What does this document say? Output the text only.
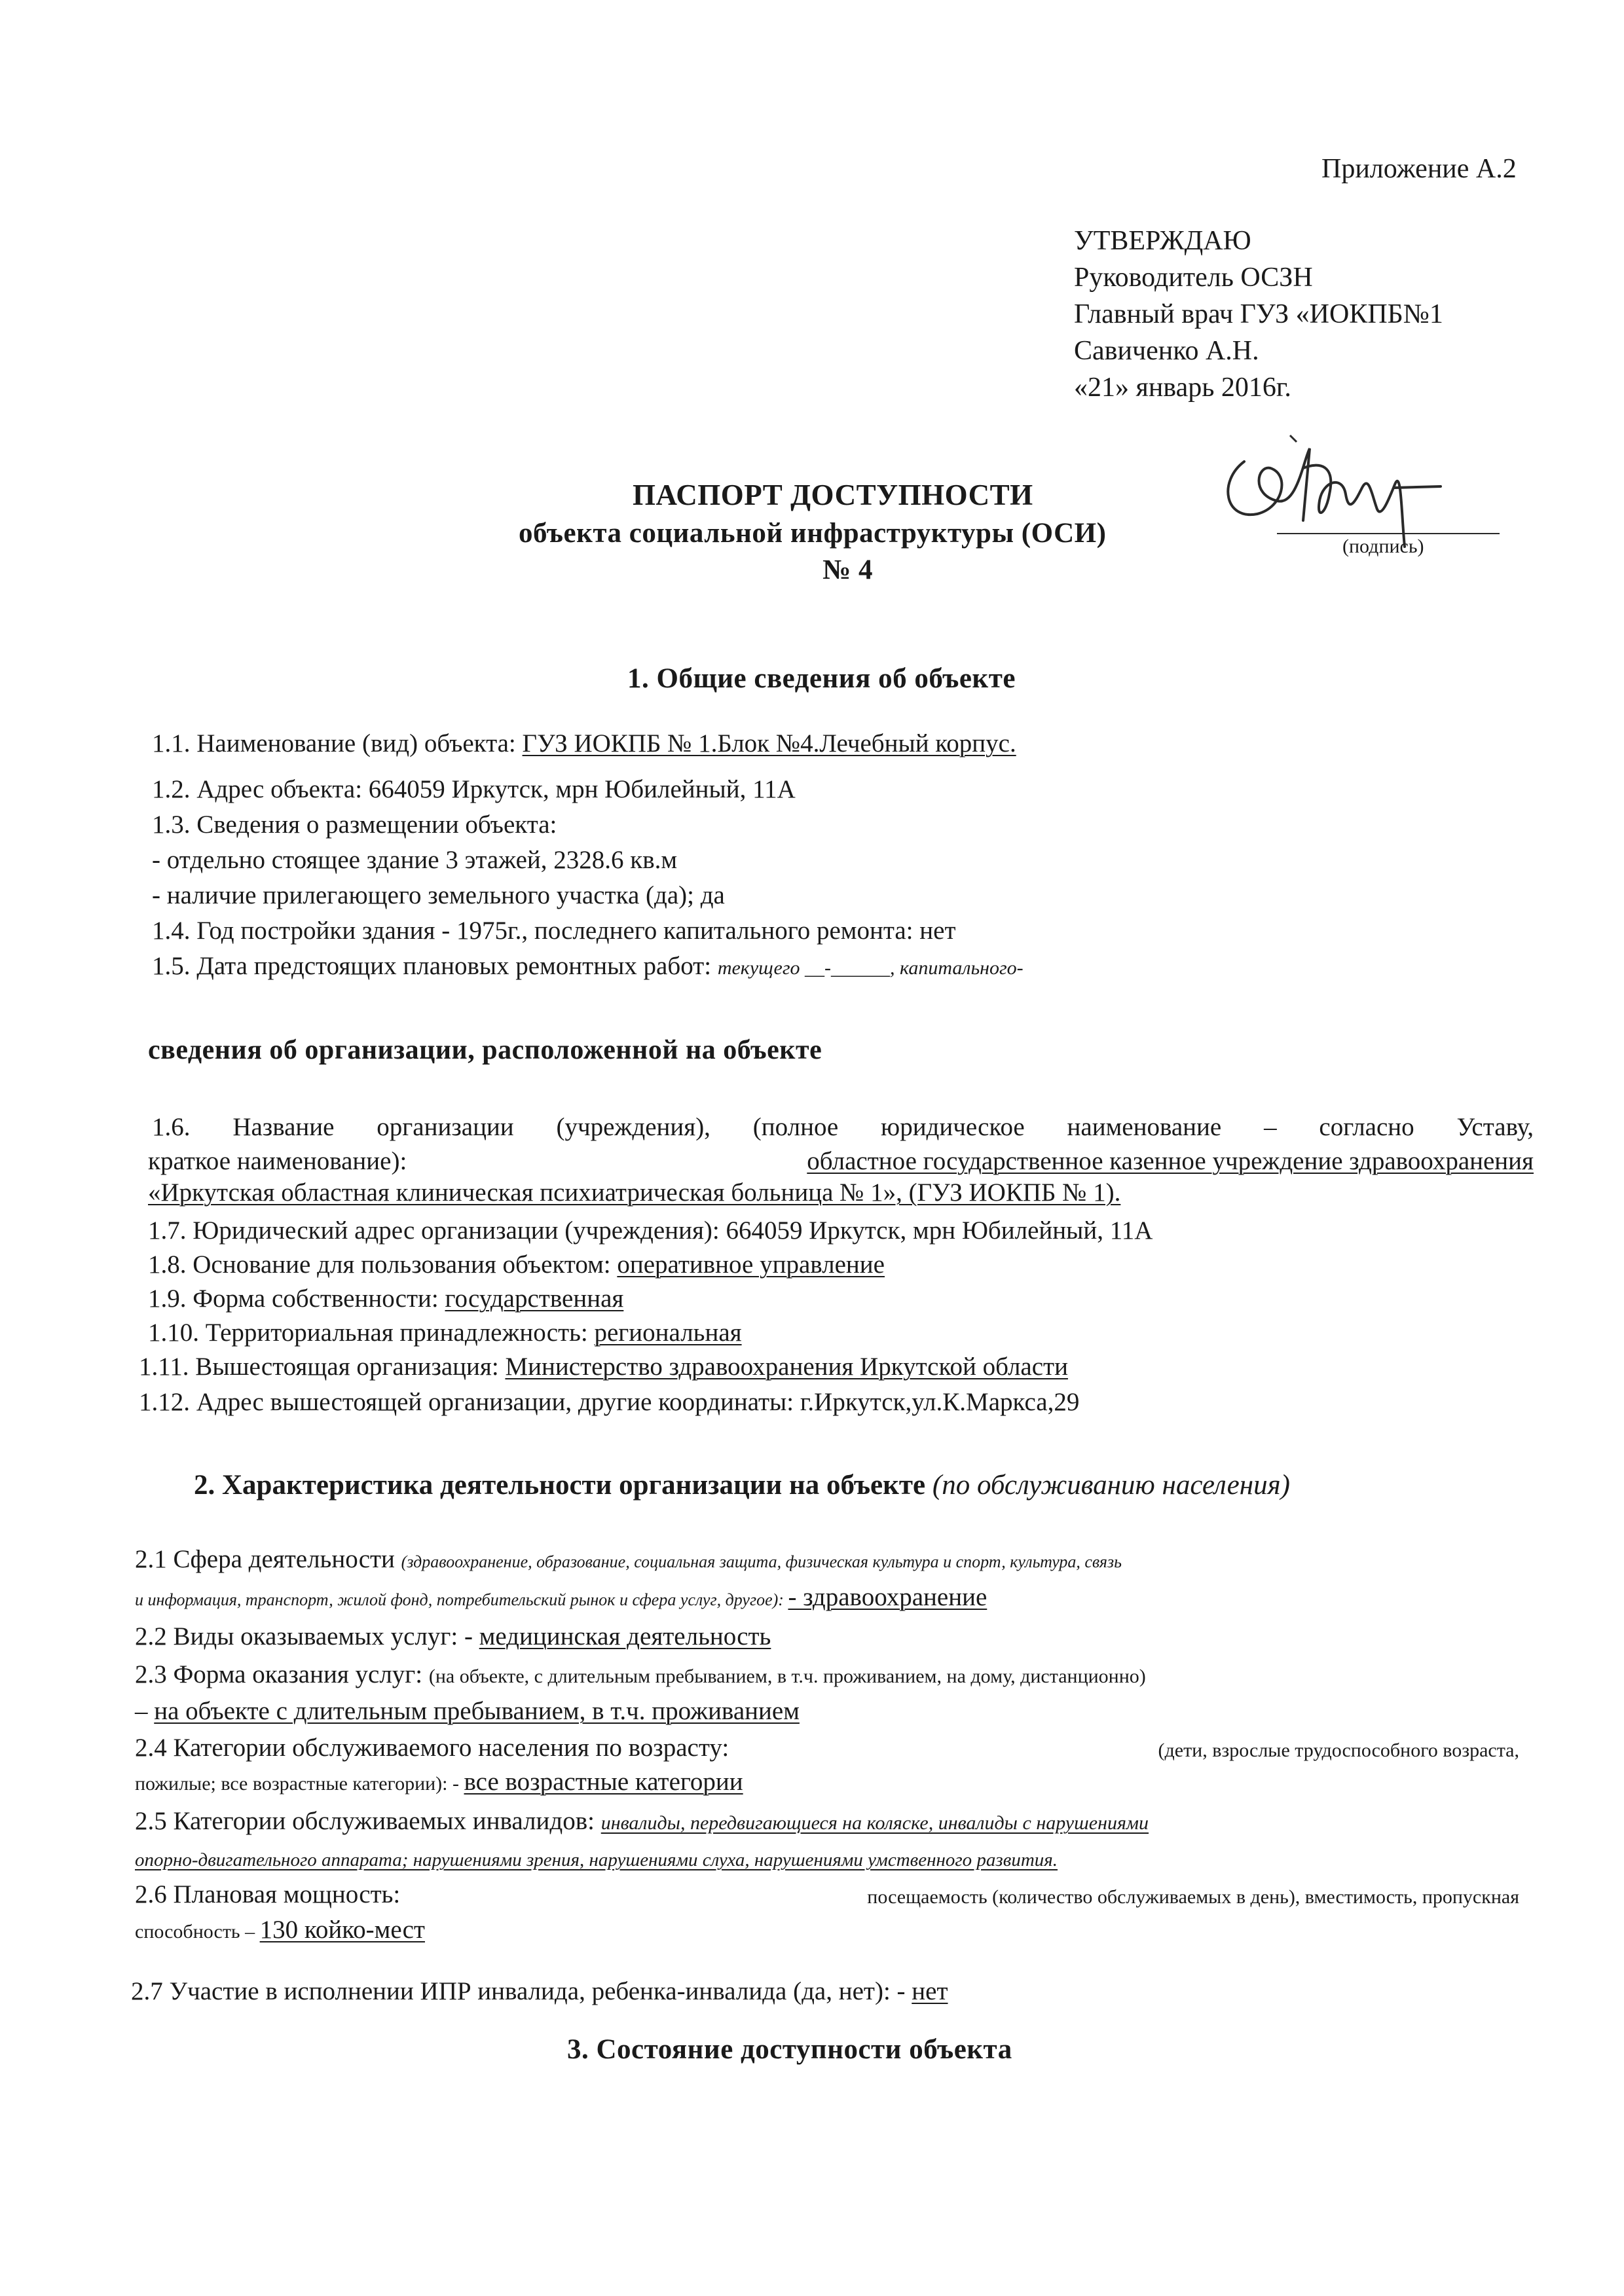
Приложение А.2
УТВЕРЖДАЮ
Руководитель ОСЗН
Главный врач ГУЗ «ИОКПБ№1
Савиченко А.Н.
«21» январь 2016г.
(подпись)
ПАСПОРТ ДОСТУПНОСТИ
объекта социальной инфраструктуры (ОСИ)
№ 4
1. Общие сведения об объекте
1.1. Наименование (вид) объекта: ГУЗ ИОКПБ № 1.Блок №4.Лечебный корпус.
1.2. Адрес объекта: 664059 Иркутск, мрн Юбилейный, 11А
1.3. Сведения о размещении объекта:
- отдельно стоящее здание 3 этажей, 2328.6 кв.м
- наличие прилегающего земельного участка (да); да
1.4. Год постройки здания - 1975г., последнего капитального ремонта: нет
1.5. Дата предстоящих плановых ремонтных работ: текущего __-______, капитального-
сведения об организации, расположенной на объекте
1.6. Название организации (учреждения), (полное юридическое наименование – согласно Уставу,
краткое наименование):	областное государственное казенное учреждение здравоохранения
«Иркутская областная клиническая психиатрическая больница № 1», (ГУЗ ИОКПБ № 1).
1.7. Юридический адрес организации (учреждения): 664059 Иркутск, мрн Юбилейный, 11А
1.8. Основание для пользования объектом: оперативное управление
1.9. Форма собственности: государственная
1.10. Территориальная принадлежность: региональная
1.11. Вышестоящая организация: Министерство здравоохранения Иркутской области
1.12. Адрес вышестоящей организации, другие координаты: г.Иркутск,ул.К.Маркса,29
2. Характеристика деятельности организации на объекте (по обслуживанию населения)
2.1 Сфера деятельности (здравоохранение, образование, социальная защита, физическая культура и спорт, культура, связь
и информация, транспорт, жилой фонд, потребительский рынок и сфера услуг, другое): - здравоохранение
2.2 Виды оказываемых услуг: - медицинская деятельность
2.3 Форма оказания услуг: (на объекте, с длительным пребыванием, в т.ч. проживанием, на дому, дистанционно)
– на объекте с длительным пребыванием, в т.ч. проживанием
2.4 Категории обслуживаемого населения по возрасту:	(дети, взрослые трудоспособного возраста,
пожилые; все возрастные категории): - все возрастные категории
2.5 Категории обслуживаемых инвалидов: инвалиды, передвигающиеся на коляске, инвалиды с нарушениями
опорно-двигательного аппарата; нарушениями зрения, нарушениями слуха, нарушениями умственного развития.
2.6 Плановая мощность:	посещаемость (количество обслуживаемых в день), вместимость, пропускная
способность – 130 койко-мест
2.7 Участие в исполнении ИПР инвалида, ребенка-инвалида (да, нет): - нет
3. Состояние доступности объекта
